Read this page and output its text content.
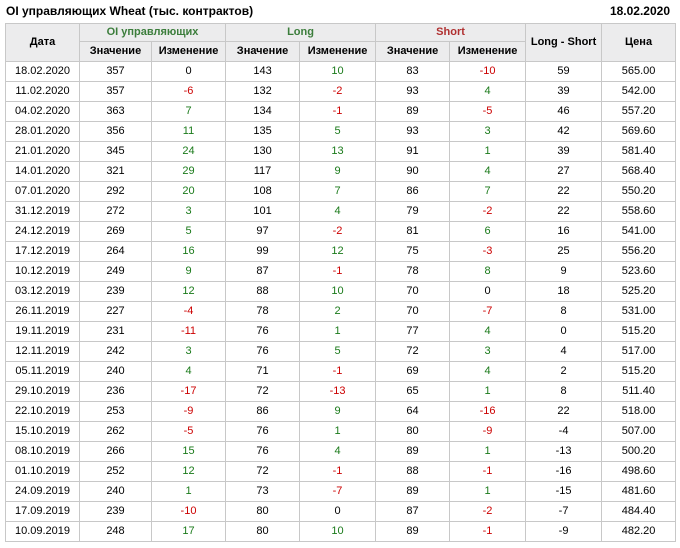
OI управляющих Wheat (тыс. контрактов)	18.02.2020
Дата	OI управляющих		Long		Short		Long - Short	Цена
	Значение	Изменение	Значение	Изменение	Значение	Изменение		
18.02.2020	357	0	143	10	83	-10	59	565.00
11.02.2020	357	-6	132	-2	93	4	39	542.00
04.02.2020	363	7	134	-1	89	-5	46	557.20
28.01.2020	356	11	135	5	93	3	42	569.60
21.01.2020	345	24	130	13	91	1	39	581.40
14.01.2020	321	29	117	9	90	4	27	568.40
07.01.2020	292	20	108	7	86	7	22	550.20
31.12.2019	272	3	101	4	79	-2	22	558.60
24.12.2019	269	5	97	-2	81	6	16	541.00
17.12.2019	264	16	99	12	75	-3	25	556.20
10.12.2019	249	9	87	-1	78	8	9	523.60
03.12.2019	239	12	88	10	70	0	18	525.20
26.11.2019	227	-4	78	2	70	-7	8	531.00
19.11.2019	231	-11	76	1	77	4	0	515.20
12.11.2019	242	3	76	5	72	3	4	517.00
05.11.2019	240	4	71	-1	69	4	2	515.20
29.10.2019	236	-17	72	-13	65	1	8	511.40
22.10.2019	253	-9	86	9	64	-16	22	518.00
15.10.2019	262	-5	76	1	80	-9	-4	507.00
08.10.2019	266	15	76	4	89	1	-13	500.20
01.10.2019	252	12	72	-1	88	-1	-16	498.60
24.09.2019	240	1	73	-7	89	1	-15	481.60
17.09.2019	239	-10	80	0	87	-2	-7	484.40
10.09.2019	248	17	80	10	89	-1	-9	482.20
